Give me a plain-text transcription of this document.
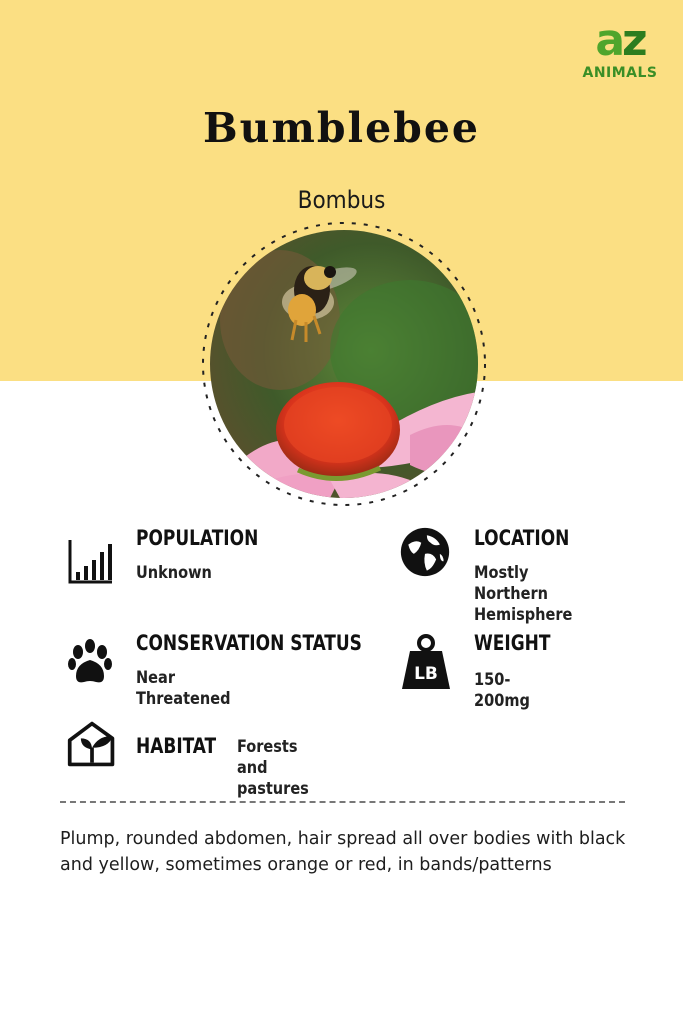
az
ANIMALS
Bumblebee
Bombus
POPULATION
Unknown
LOCATION
Mostly Northern
Hemisphere
CONSERVATION STATUS
Near Threatened
LB
WEIGHT
150-200mg
HABITAT Forests and pastures
Plump, rounded abdomen, hair spread all over bodies with black and yellow, sometimes orange or red, in bands/patterns
